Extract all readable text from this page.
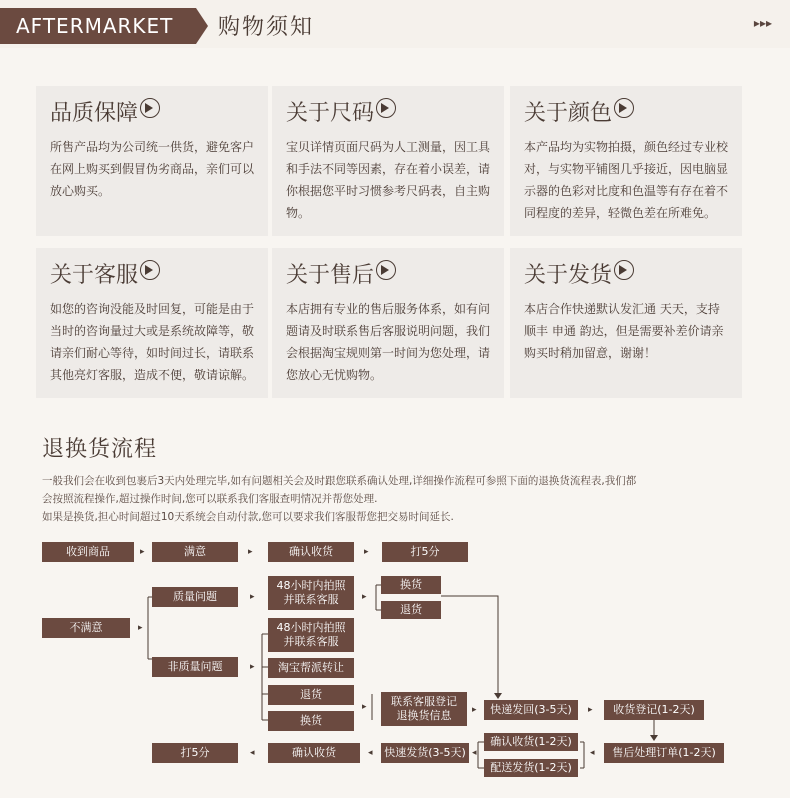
AFTERMARKET	购物须知	▸▸▸
品质保障
所售产品均为公司统一供货，避免客户在网上购买到假冒伪劣商品，亲们可以放心购买。
关于尺码
宝贝详情页面尺码为人工测量，因工具和手法不同等因素，存在着小误差，请你根据您平时习惯参考尺码表，自主购物。
关于颜色
本产品均为实物拍摄，颜色经过专业校对，与实物平铺图几乎接近，因电脑显示器的色彩对比度和色温等有存在着不同程度的差异，轻微色差在所难免。
关于客服
如您的咨询没能及时回复，可能是由于当时的咨询量过大或是系统故障等，敬请亲们耐心等待，如时间过长，请联系其他亮灯客服，造成不便，敬请谅解。
关于售后
本店拥有专业的售后服务体系，如有问题请及时联系售后客服说明问题，我们会根据淘宝规则第一时间为您处理，请您放心无忧购物。
关于发货
本店合作快递默认发汇通 天天，支持顺丰 申通 韵达，但是需要补差价请亲购买时稍加留意，谢谢！
退换货流程
一般我们会在收到包裹后3天内处理完毕,如有问题相关会及时跟您联系确认处理,详细操作流程可参照下面的退换货流程表,我们都
会按照流程操作,超过操作时间,您可以联系我们客服查明情况并帮您处理.
如果是换货,担心时间超过10天系统会自动付款,您可以要求我们客服帮您把交易时间延长.
收到商品	▸	满意	▸	确认收货	▸	打5分
质量问题	▸
48小时内拍照
并联系客服	▸
换货
退货
不满意	▸	48小时内拍照
并联系客服
非质量问题	▸	淘宝帮派转让
退货
换货
▸ 联系客服登记
退换货信息 ▸	快递发回(3-5天)	▸	收货登记(1-2天)
打5分	◂	确认收货	◂ 快速发货(3-5天) ◂
确认收货(1-2天)
配送发货(1-2天)
◂	售后处理订单(1-2天)
